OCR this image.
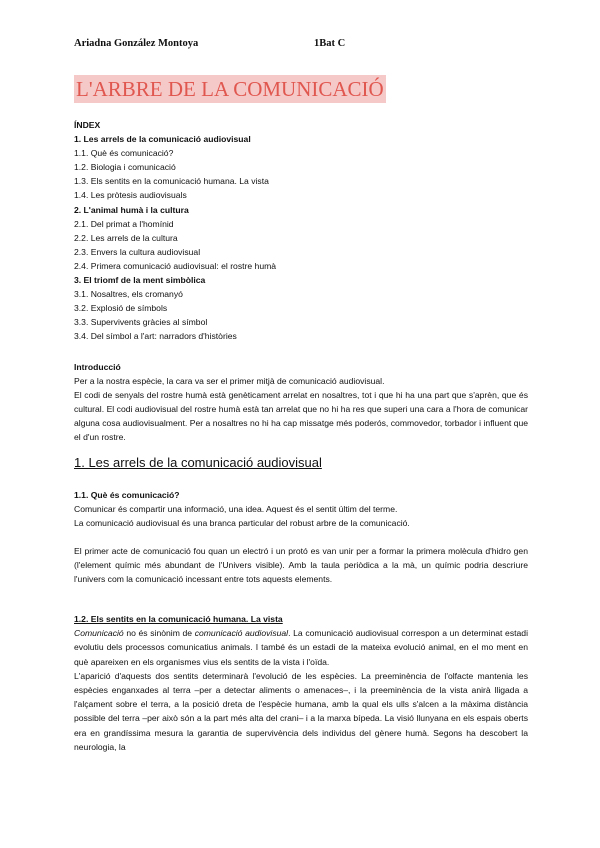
Ariadna González Montoya	1Bat C
L'ARBRE DE LA COMUNICACIÓ
ÍNDEX
1. Les arrels de la comunicació audiovisual
1.1. Què és comunicació?
1.2. Biologia i comunicació
1.3. Els sentits en la comunicació humana. La vista
1.4. Les pròtesis audiovisuals
2. L'animal humà i la cultura
2.1. Del primat a l'homínid
2.2. Les arrels de la cultura
2.3. Envers la cultura audiovisual
2.4. Primera comunicació audiovisual: el rostre humà
3. El triomf de la ment simbòlica
3.1. Nosaltres, els cromanyó
3.2. Explosió de símbols
3.3. Supervivents gràcies al símbol
3.4. Del símbol a l'art: narradors d'històries
Introducció

Per a la nostra espècie, la cara va ser el primer mitjà de comunicació audiovisual.

El codi de senyals del rostre humà està genèticament arrelat en nosaltres, tot i que hi ha una part que s'aprèn, que és cultural. El codi audiovisual del rostre humà està tan arrelat que no hi ha res que superi una cara a l'hora de comunicar alguna cosa audiovisualment. Per a nosaltres no hi ha cap missatge més poderós, commovedor, torbador i influent que el d'un rostre.

1. Les arrels de la comunicació audiovisual
1.1. Què és comunicació?

Comunicar és compartir una informació, una idea. Aquest és el sentit últim del terme.

La comunicació audiovisual és una branca particular del robust arbre de la comunicació.

El primer acte de comunicació fou quan un electró i un protó es van unir per a formar la primera molècula d'hidro gen (l'element químic més abundant de l'Univers visible). Amb la taula periòdica a la mà, un químic podria descriure l'univers com la comunicació incessant entre tots aquests elements.

1.2. Els sentits en la comunicació humana. La vista

Comunicació no és sinònim de comunicació audiovisual. La comunicació audiovisual correspon a un determinat estadi evolutiu dels processos comunicatius animals. I també és un estadi de la mateixa evolució animal, en el mo ment en què apareixen en els organismes vius els sentits de la vista i l'oïda.

L'aparició d'aquests dos sentits determinarà l'evolució de les espècies. La preeminència de l'olfacte mantenia les espècies enganxades al terra –per a detectar aliments o amenaces–, i la preeminència de la vista anirà lligada a l'alçament sobre el terra, a la posició dreta de l'espècie humana, amb la qual els ulls s'alcen a la màxima distància possible del terra –per això són a la part més alta del crani– i a la marxa bípeda. La visió llunyana en els espais oberts era en grandíssima mesura la garantia de supervivència dels individus del gènere humà. Segons ha descobert la neurologia, la
